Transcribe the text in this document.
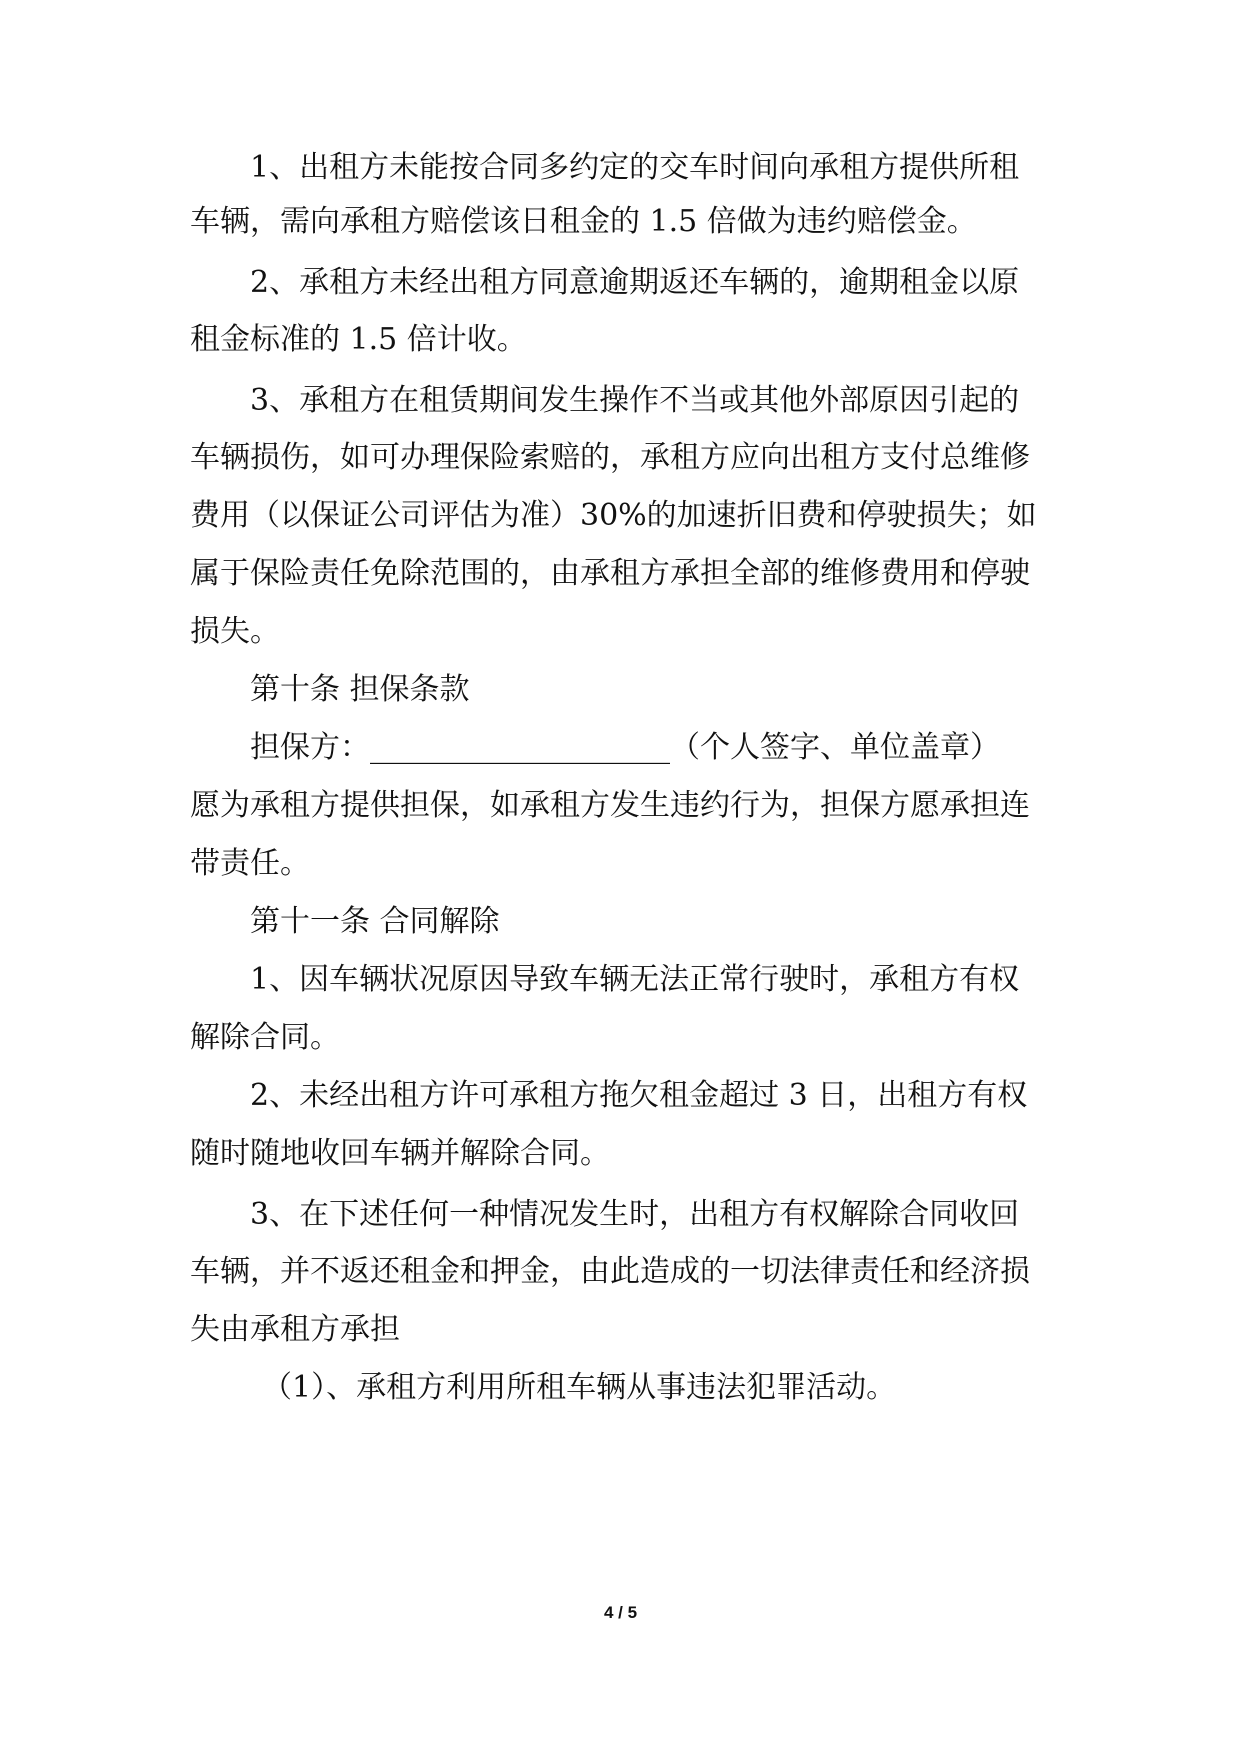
1、出租方未能按合同多约定的交车时间向承租方提供所租
车辆，需向承租方赔偿该日租金的 1.5 倍做为违约赔偿金。
2、承租方未经出租方同意逾期返还车辆的，逾期租金以原
租金标准的 1.5 倍计收。
3、承租方在租赁期间发生操作不当或其他外部原因引起的
车辆损伤，如可办理保险索赔的，承租方应向出租方支付总维修
费用（以保证公司评估为准）30%的加速折旧费和停驶损失；如
属于保险责任免除范围的，由承租方承担全部的维修费用和停驶
损失。
第十条 担保条款
担保方：____________________（个人签字、单位盖章）
愿为承租方提供担保，如承租方发生违约行为，担保方愿承担连
带责任。
第十一条 合同解除
1、因车辆状况原因导致车辆无法正常行驶时，承租方有权
解除合同。
2、未经出租方许可承租方拖欠租金超过 3 日，出租方有权
随时随地收回车辆并解除合同。
3、在下述任何一种情况发生时，出租方有权解除合同收回
车辆，并不返还租金和押金，由此造成的一切法律责任和经济损
失由承租方承担
（1）、承租方利用所租车辆从事违法犯罪活动。
4 / 5
